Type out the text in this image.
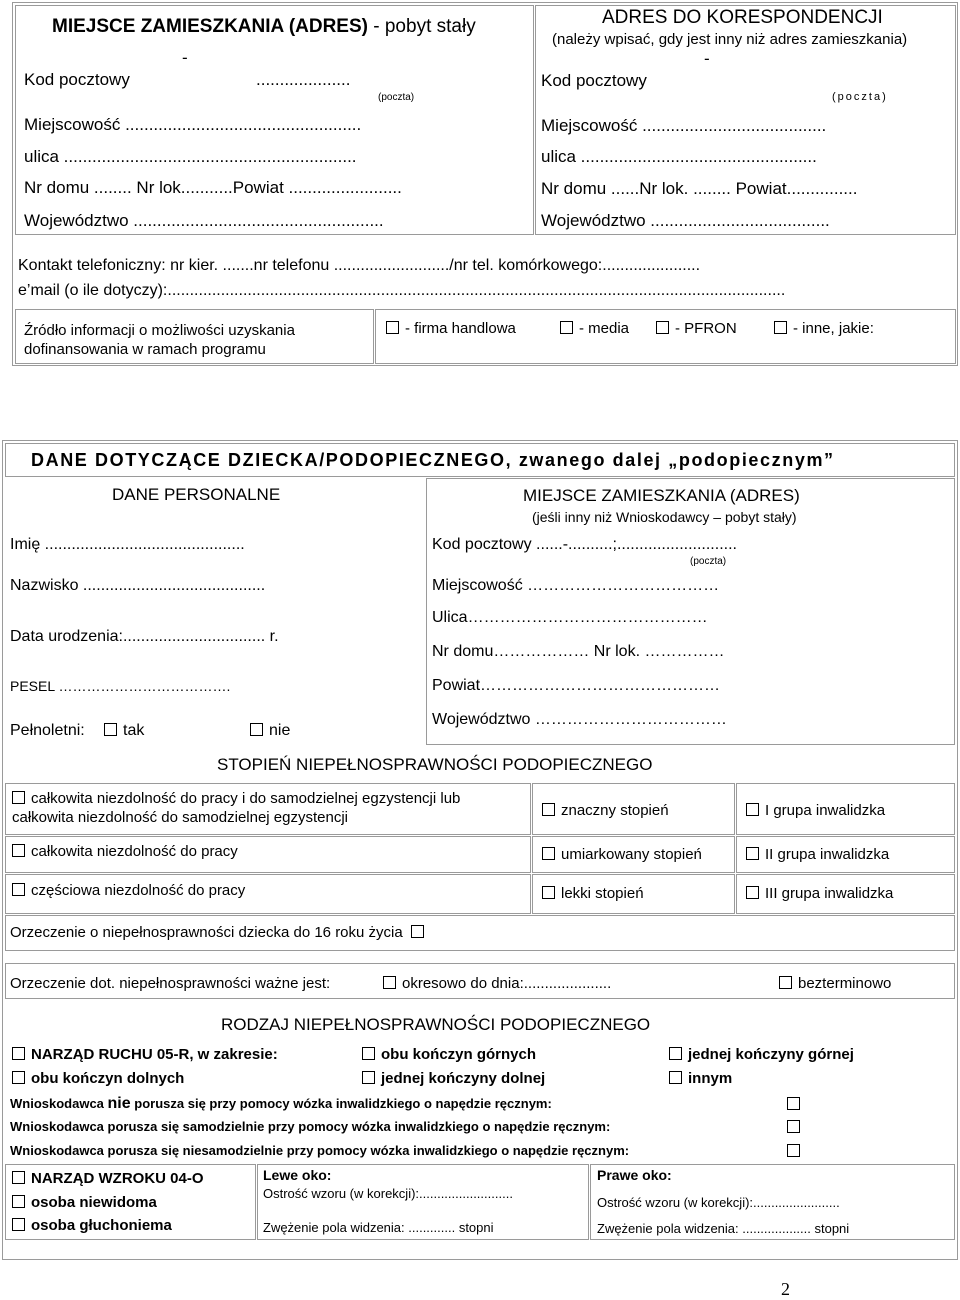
MIEJSCE ZAMIESZKANIA (ADRES) - pobyt stały
-
Kod pocztowy	....................
(poczta)
Miejscowość ..................................................
ulica ..............................................................
Nr domu ........ Nr lok...........Powiat ........................
Województwo .....................................................
ADRES DO KORESPONDENCJI
(należy wpisać, gdy jest inny niż adres zamieszkania)
-
Kod pocztowy
(poczta)
Miejscowość .......................................
ulica ..................................................
Nr domu ......Nr lok. ........ Powiat...............
Województwo ......................................
Kontakt telefoniczny: nr kier. .......nr telefonu ........................../nr tel. komórkowego:......................
e’mail (o ile dotyczy):...........................................................................................................................................
Źródło informacji o możliwości uzyskania
dofinansowania w ramach programu
- firma handlowa	- media	- PFRON	- inne, jakie:
DANE DOTYCZĄCE DZIECKA/PODOPIECZNEGO, zwanego dalej „podopiecznym”
DANE PERSONALNE
Imię .............................................
Nazwisko .........................................
Data urodzenia:................................ r.
PESEL ……………………………….
Pełnoletni:	tak	nie
MIEJSCE ZAMIESZKANIA (ADRES)
(jeśli inny niż Wnioskodawcy – pobyt stały)
Kod pocztowy ......-..........;...........................
(poczta)
Miejscowość ………………………………
Ulica………………………………………
Nr domu……………… Nr lok. ……………
Powiat………………………………………
Województwo ………………………………
STOPIEŃ NIEPEŁNOSPRAWNOŚCI PODOPIECZNEGO
całkowita niezdolność do pracy i do samodzielnej egzystencji lub
całkowita niezdolność do samodzielnej egzystencji	znaczny stopień	I grupa inwalidzka
całkowita niezdolność do pracy	umiarkowany stopień	II grupa inwalidzka
częściowa niezdolność do pracy	lekki stopień	III grupa inwalidzka
Orzeczenie o niepełnosprawności dziecka do 16 roku życia
Orzeczenie dot. niepełnosprawności ważne jest:	okresowo do dnia:.....................	bezterminowo
RODZAJ NIEPEŁNOSPRAWNOŚCI PODOPIECZNEGO
NARZĄD RUCHU 05-R, w zakresie:	obu kończyn górnych	jednej kończyny górnej
obu kończyn dolnych	jednej kończyny dolnej	innym
Wnioskodawca nie porusza się przy pomocy wózka inwalidzkiego o napędzie ręcznym:
Wnioskodawca porusza się samodzielnie przy pomocy wózka inwalidzkiego o napędzie ręcznym:
Wnioskodawca porusza się niesamodzielnie przy pomocy wózka inwalidzkiego o napędzie ręcznym:
NARZĄD WZROKU 04-O
osoba niewidoma
osoba głuchoniema
Lewe oko:
Ostrość wzoru (w korekcji):..........................
Zwężenie pola widzenia: ............. stopni
Prawe oko:
Ostrość wzoru (w korekcji):........................
Zwężenie pola widzenia: ................... stopni
2
